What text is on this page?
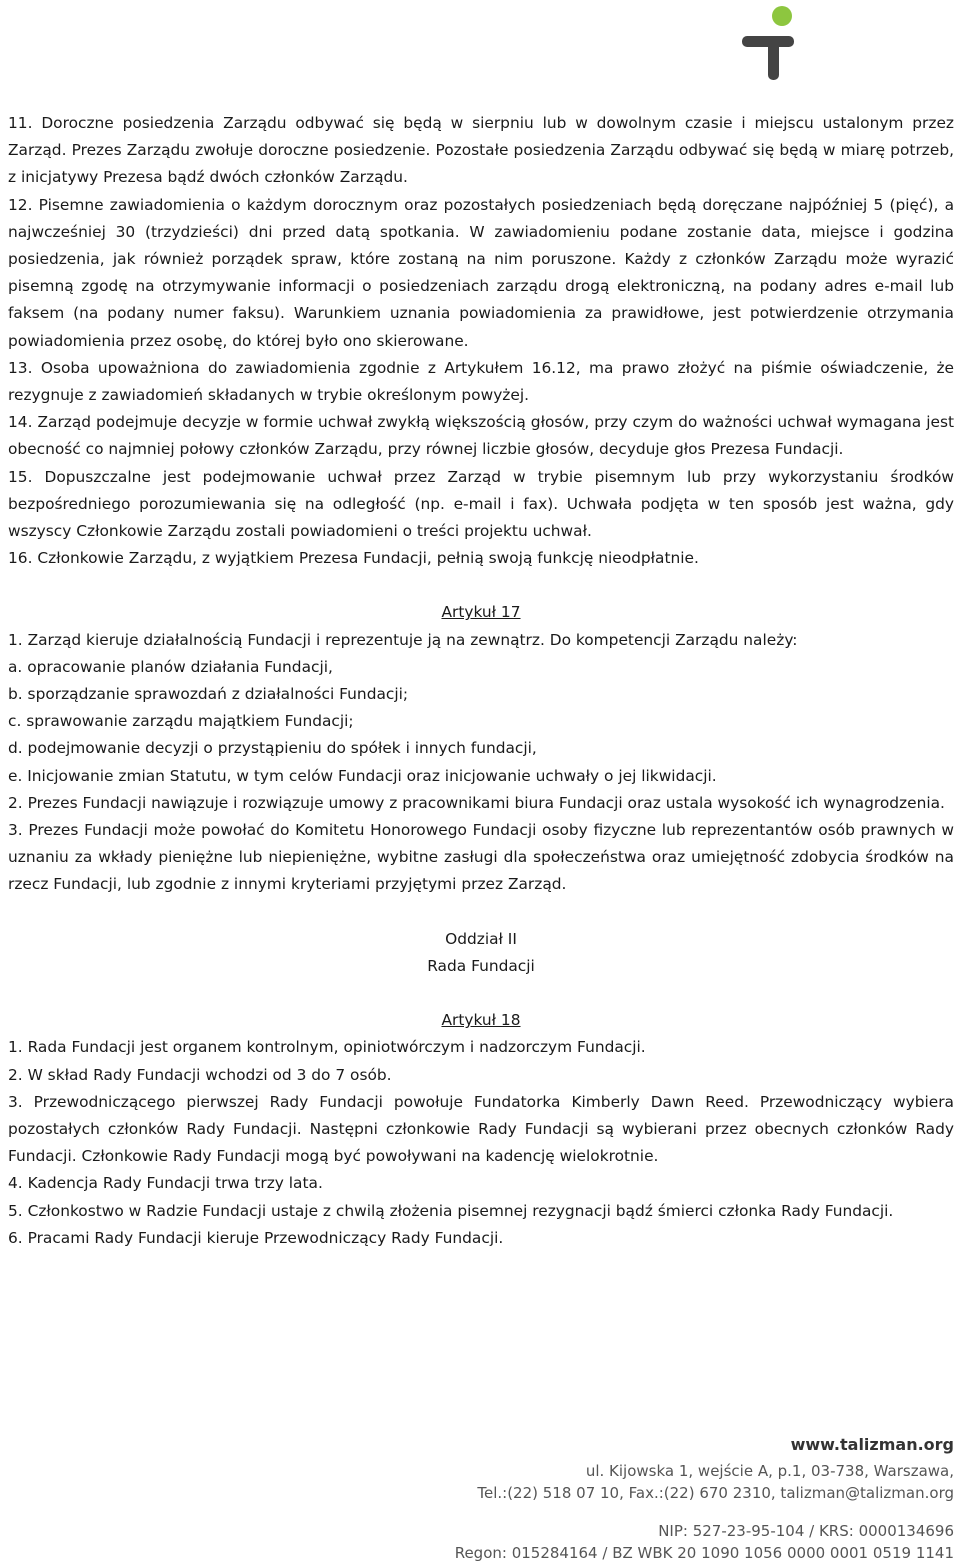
11. Doroczne posiedzenia Zarządu odbywać się będą w sierpniu lub w dowolnym czasie i miejscu ustalonym przez Zarząd. Prezes Zarządu zwołuje doroczne posiedzenie. Pozostałe posiedzenia Zarządu odbywać się będą w miarę potrzeb, z inicjatywy Prezesa bądź dwóch członków Zarządu.

12. Pisemne zawiadomienia o każdym dorocznym oraz pozostałych posiedzeniach będą doręczane najpóźniej 5 (pięć), a najwcześniej 30 (trzydzieści) dni przed datą spotkania. W zawiadomieniu podane zostanie data, miejsce i godzina posiedzenia, jak również porządek spraw, które zostaną na nim poruszone. Każdy z członków Zarządu może wyrazić pisemną zgodę na otrzymywanie informacji o posiedzeniach zarządu drogą elektroniczną, na podany adres e-mail lub faksem (na podany numer faksu). Warunkiem uznania powiadomienia za prawidłowe, jest potwierdzenie otrzymania powiadomienia przez osobę, do której było ono skierowane.

13. Osoba upoważniona do zawiadomienia zgodnie z Artykułem 16.12, ma prawo złożyć na piśmie oświadczenie, że rezygnuje z zawiadomień składanych w trybie określonym powyżej.

14. Zarząd podejmuje decyzje w formie uchwał zwykłą większością głosów, przy czym do ważności uchwał wymagana jest obecność co najmniej połowy członków Zarządu, przy równej liczbie głosów, decyduje głos Prezesa Fundacji.

15. Dopuszczalne jest podejmowanie uchwał przez Zarząd w trybie pisemnym lub przy wykorzystaniu środków bezpośredniego porozumiewania się na odległość (np. e-mail i fax). Uchwała podjęta w ten sposób jest ważna, gdy wszyscy Członkowie Zarządu zostali powiadomieni o treści projektu uchwał.

16. Członkowie Zarządu, z wyjątkiem Prezesa Fundacji, pełnią swoją funkcję nieodpłatnie.

Artykuł 17

1. Zarząd kieruje działalnością Fundacji i reprezentuje ją na zewnątrz. Do kompetencji Zarządu należy:

a. opracowanie planów działania Fundacji,

b. sporządzanie sprawozdań z działalności Fundacji;

c. sprawowanie zarządu majątkiem Fundacji;

d. podejmowanie decyzji o przystąpieniu do spółek i innych fundacji,

e. Inicjowanie zmian Statutu, w tym celów Fundacji oraz inicjowanie uchwały o jej likwidacji.

2. Prezes Fundacji nawiązuje i rozwiązuje umowy z pracownikami biura Fundacji oraz ustala wysokość ich wynagrodzenia.

3. Prezes Fundacji może powołać do Komitetu Honorowego Fundacji osoby fizyczne lub reprezentantów osób prawnych w uznaniu za wkłady pieniężne lub niepieniężne, wybitne zasługi dla społeczeństwa oraz umiejętność zdobycia środków na rzecz Fundacji, lub zgodnie z innymi kryteriami przyjętymi przez Zarząd.

Oddział II

Rada Fundacji

Artykuł 18

1. Rada Fundacji jest organem kontrolnym, opiniotwórczym i nadzorczym Fundacji.

2. W skład Rady Fundacji wchodzi od 3 do 7 osób.

3. Przewodniczącego pierwszej Rady Fundacji powołuje Fundatorka Kimberly Dawn Reed. Przewodniczący wybiera pozostałych członków Rady Fundacji. Następni członkowie Rady Fundacji są wybierani przez obecnych członków Rady Fundacji. Członkowie Rady Fundacji mogą być powoływani na kadencję wielokrotnie.

4. Kadencja Rady Fundacji trwa trzy lata.

5. Członkostwo w Radzie Fundacji ustaje z chwilą złożenia pisemnej rezygnacji bądź śmierci członka Rady Fundacji.

6. Pracami Rady Fundacji kieruje Przewodniczący Rady Fundacji.

www.talizman.org
ul. Kijowska 1, wejście A, p.1, 03-738, Warszawa,
Tel.:(22) 518 07 10, Fax.:(22) 670 2310, talizman@talizman.org
NIP: 527-23-95-104 / KRS: 0000134696
Regon: 015284164 / BZ WBK 20 1090 1056 0000 0001 0519 1141
